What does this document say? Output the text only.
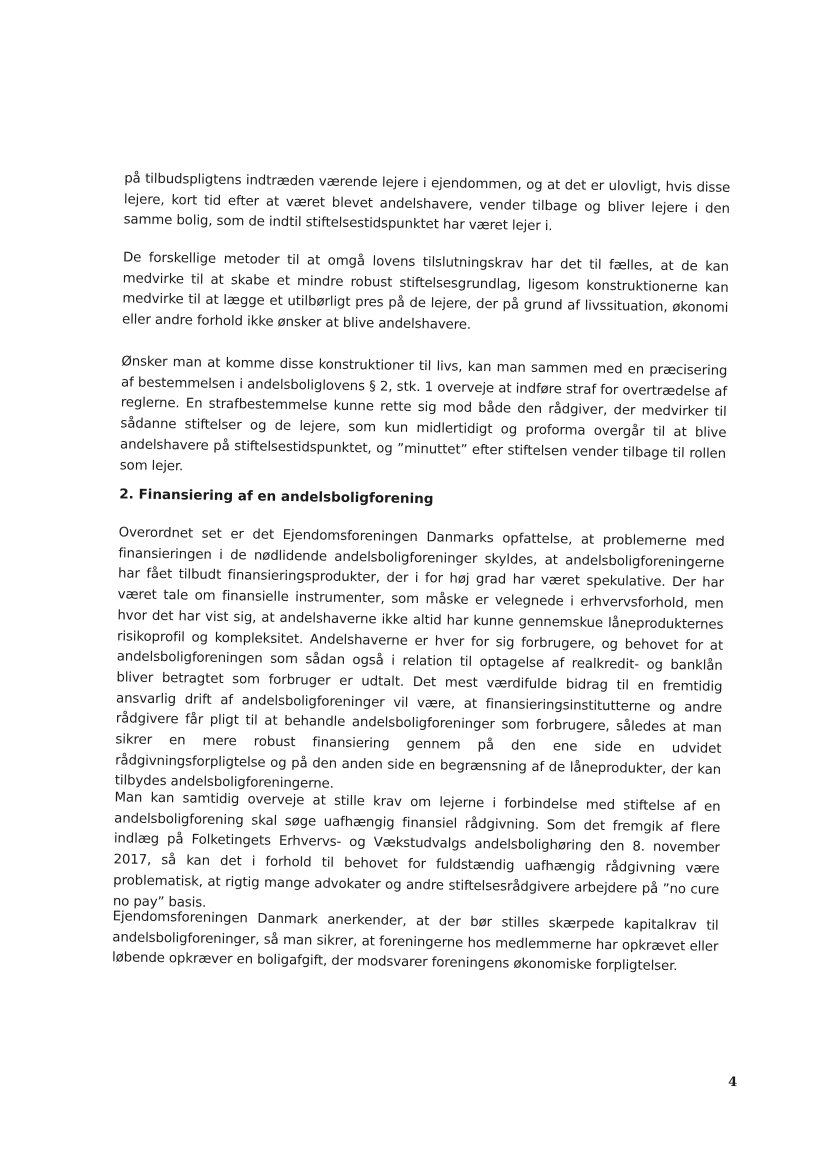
på tilbudspligtens indtræden værende lejere i ejendommen, og at det er ulovligt, hvis disse lejere, kort tid efter at været blevet andelshavere, vender tilbage og bliver lejere i den samme bolig, som de indtil stiftelsestidspunktet har været lejer i.

De forskellige metoder til at omgå lovens tilslutningskrav har det til fælles, at de kan medvirke til at skabe et mindre robust stiftelsesgrundlag, ligesom konstruktionerne kan medvirke til at lægge et utilbørligt pres på de lejere, der på grund af livssituation, økonomi eller andre forhold ikke ønsker at blive andelshavere.

Ønsker man at komme disse konstruktioner til livs, kan man sammen med en præcisering af bestemmelsen i andelsboliglovens § 2, stk. 1 overveje at indføre straf for overtrædelse af reglerne. En strafbestemmelse kunne rette sig mod både den rådgiver, der medvirker til sådanne stiftelser og de lejere, som kun midlertidigt og proforma overgår til at blive andelshavere på stiftelsestidspunktet, og ”minuttet” efter stiftelsen vender tilbage til rollen som lejer.

2. Finansiering af en andelsboligforening

Overordnet set er det Ejendomsforeningen Danmarks opfattelse, at problemerne med finansieringen i de nødlidende andelsboligforeninger skyldes, at andelsboligforeningerne har fået tilbudt finansieringsprodukter, der i for høj grad har været spekulative. Der har været tale om finansielle instrumenter, som måske er velegnede i erhvervsforhold, men hvor det har vist sig, at andelshaverne ikke altid har kunne gennemskue låneprodukternes risikoprofil og kompleksitet. Andelshaverne er hver for sig forbrugere, og behovet for at andelsboligforeningen som sådan også i relation til optagelse af realkredit- og banklån bliver betragtet som forbruger er udtalt. Det mest værdifulde bidrag til en fremtidig ansvarlig drift af andelsboligforeninger vil være, at finansieringsinstitutterne og andre rådgivere får pligt til at behandle andelsboligforeninger som forbrugere, således at man sikrer en mere robust finansiering gennem på den ene side en udvidet rådgivningsforpligtelse og på den anden side en begrænsning af de låneprodukter, der kan tilbydes andelsboligforeningerne.

Man kan samtidig overveje at stille krav om lejerne i forbindelse med stiftelse af en andelsboligforening skal søge uafhængig finansiel rådgivning. Som det fremgik af flere indlæg på Folketingets Erhvervs- og Vækstudvalgs andelsbolighøring den 8. november 2017, så kan det i forhold til behovet for fuldstændig uafhængig rådgivning være problematisk, at rigtig mange advokater og andre stiftelsesrådgivere arbejdere på ”no cure no pay” basis.

Ejendomsforeningen Danmark anerkender, at der bør stilles skærpede kapitalkrav til andelsboligforeninger, så man sikrer, at foreningerne hos medlemmerne har opkrævet eller løbende opkræver en boligafgift, der modsvarer foreningens økonomiske forpligtelser.

4
